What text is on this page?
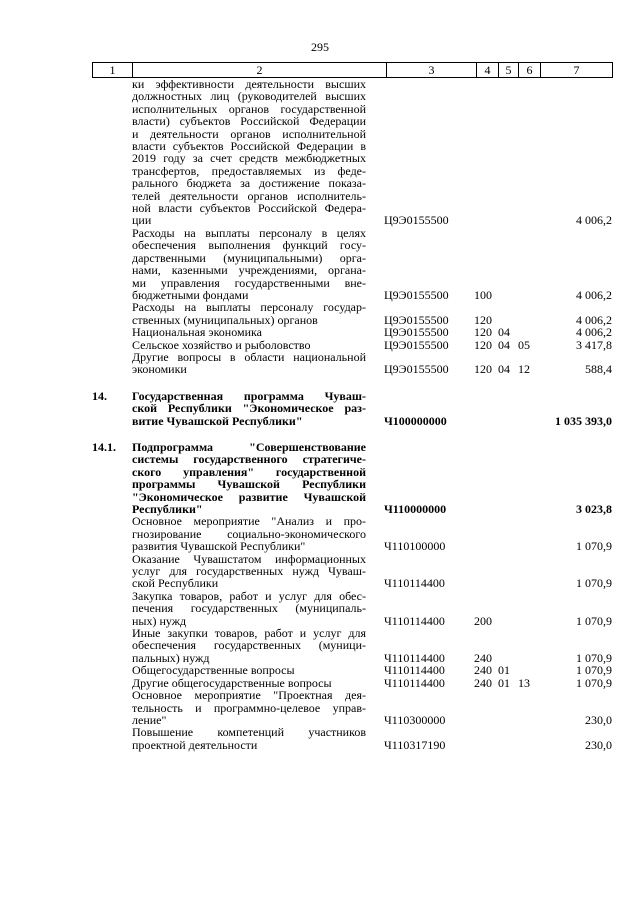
295
1	2	3	4	5	6	7
ки эффективности деятельности высших
должностных лиц (руководителей высших
исполнительных органов государственной
власти) субъектов Российской Федерации
и деятельности органов исполнительной
власти субъектов Российской Федерации в
2019 году за счет средств межбюджетных
трансфертов, предоставляемых из феде-
рального бюджета за достижение показа-
телей деятельности органов исполнитель-
ной власти субъектов Российской Федера-
ции	Ц9Э0155500	4 006,2
Расходы на выплаты персоналу в целях
обеспечения выполнения функций госу-
дарственными (муниципальными) орга-
нами, казенными учреждениями, органа-
ми управления государственными вне-
бюджетными фондами	Ц9Э0155500	100	4 006,2
Расходы на выплаты персоналу государ-
ственных (муниципальных) органов	Ц9Э0155500	120	4 006,2
Национальная экономика	Ц9Э0155500	120 04	4 006,2
Сельское хозяйство и рыболовство	Ц9Э0155500	120 04 05	3 417,8
Другие вопросы в области национальной
экономики	Ц9Э0155500	120 04 12	588,4
14.	Государственная программа Чуваш-
ской Республики "Экономическое раз-
витие Чувашской Республики"	Ч100000000	1 035 393,0
14.1.	Подпрограмма "Совершенствование
системы государственного стратегиче-
ского управления" государственной
программы Чувашской Республики
"Экономическое развитие Чувашской
Республики"	Ч110000000	3 023,8
Основное мероприятие "Анализ и про-
гнозирование социально-экономического
развития Чувашской Республики"	Ч110100000	1 070,9
Оказание Чувашстатом информационных
услуг для государственных нужд Чуваш-
ской Республики	Ч110114400	1 070,9
Закупка товаров, работ и услуг для обес-
печения государственных (муниципаль-
ных) нужд	Ч110114400	200	1 070,9
Иные закупки товаров, работ и услуг для
обеспечения государственных (муници-
пальных) нужд	Ч110114400	240	1 070,9
Общегосударственные вопросы	Ч110114400	240 01	1 070,9
Другие общегосударственные вопросы	Ч110114400	240 01 13	1 070,9
Основное мероприятие "Проектная дея-
тельность и программно-целевое управ-
ление"	Ч110300000	230,0
Повышение компетенций участников
проектной деятельности	Ч110317190	230,0
